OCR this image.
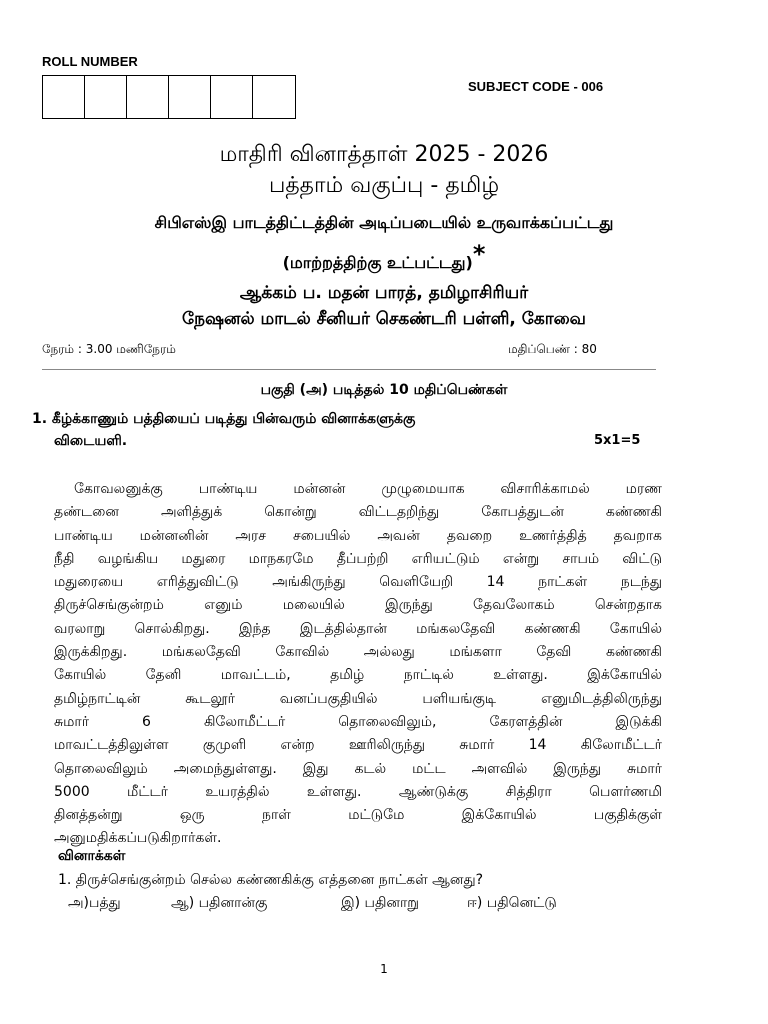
ROLL NUMBER
SUBJECT CODE - 006
மாதிரி வினாத்தாள் 2025 - 2026
பத்தாம் வகுப்பு - தமிழ்
சிபிஎஸ்இ பாடத்திட்டத்தின் அடிப்படையில் உருவாக்கப்பட்டது
(மாற்றத்திற்கு உட்பட்டது)*
ஆக்கம் ப. மதன் பாரத், தமிழாசிரியர்
நேஷனல் மாடல் சீனியர் செகண்டரி பள்ளி, கோவை
நேரம் : 3.00 மணிநேரம்	மதிப்பெண் : 80
பகுதி (அ) படித்தல் 10 மதிப்பெண்கள்
1. கீழ்க்காணும் பத்தியைப் படித்து பின்வரும் வினாக்களுக்கு
விடையளி.	5x1=5
கோவலனுக்கு பாண்டிய மன்னன் முழுமையாக விசாரிக்காமல் மரண
தண்டனை அளித்துக் கொன்று விட்டதறிந்து கோபத்துடன் கண்ணகி
பாண்டிய மன்னனின் அரச சபையில் அவன் தவறை உணர்த்தித் தவறாக
நீதி வழங்கிய மதுரை மாநகரமே தீப்பற்றி எரியட்டும் என்று சாபம் விட்டு
மதுரையை எரித்துவிட்டு அங்கிருந்து வெளியேறி 14 நாட்கள் நடந்து
திருச்செங்குன்றம் எனும் மலையில் இருந்து தேவலோகம் சென்றதாக
வரலாறு சொல்கிறது. இந்த இடத்தில்தான் மங்கலதேவி கண்ணகி கோயில்
இருக்கிறது. மங்கலதேவி கோவில் அல்லது மங்களா தேவி கண்ணகி
கோயில் தேனி மாவட்டம், தமிழ் நாட்டில் உள்ளது. இக்கோயில்
தமிழ்நாட்டின் கூடலூர் வனப்பகுதியில் பளியங்குடி எனுமிடத்திலிருந்து
சுமார் 6 கிலோமீட்டர் தொலைவிலும், கேரளத்தின் இடுக்கி
மாவட்டத்திலுள்ள குமுளி என்ற ஊரிலிருந்து சுமார் 14 கிலோமீட்டர்
தொலைவிலும் அமைந்துள்ளது. இது கடல் மட்ட அளவில் இருந்து சுமார்
5000 மீட்டர் உயரத்தில் உள்ளது. ஆண்டுக்கு சித்திரா பௌர்ணமி
தினத்தன்று ஒரு நாள் மட்டுமே இக்கோயில் பகுதிக்குள்
அனுமதிக்கப்படுகிறார்கள்.
வினாக்கள்
1. திருச்செங்குன்றம் செல்ல கண்ணகிக்கு எத்தனை நாட்கள் ஆனது?
அ)பத்து	ஆ) பதினான்கு	இ) பதினாறு	ஈ) பதினெட்டு
1
